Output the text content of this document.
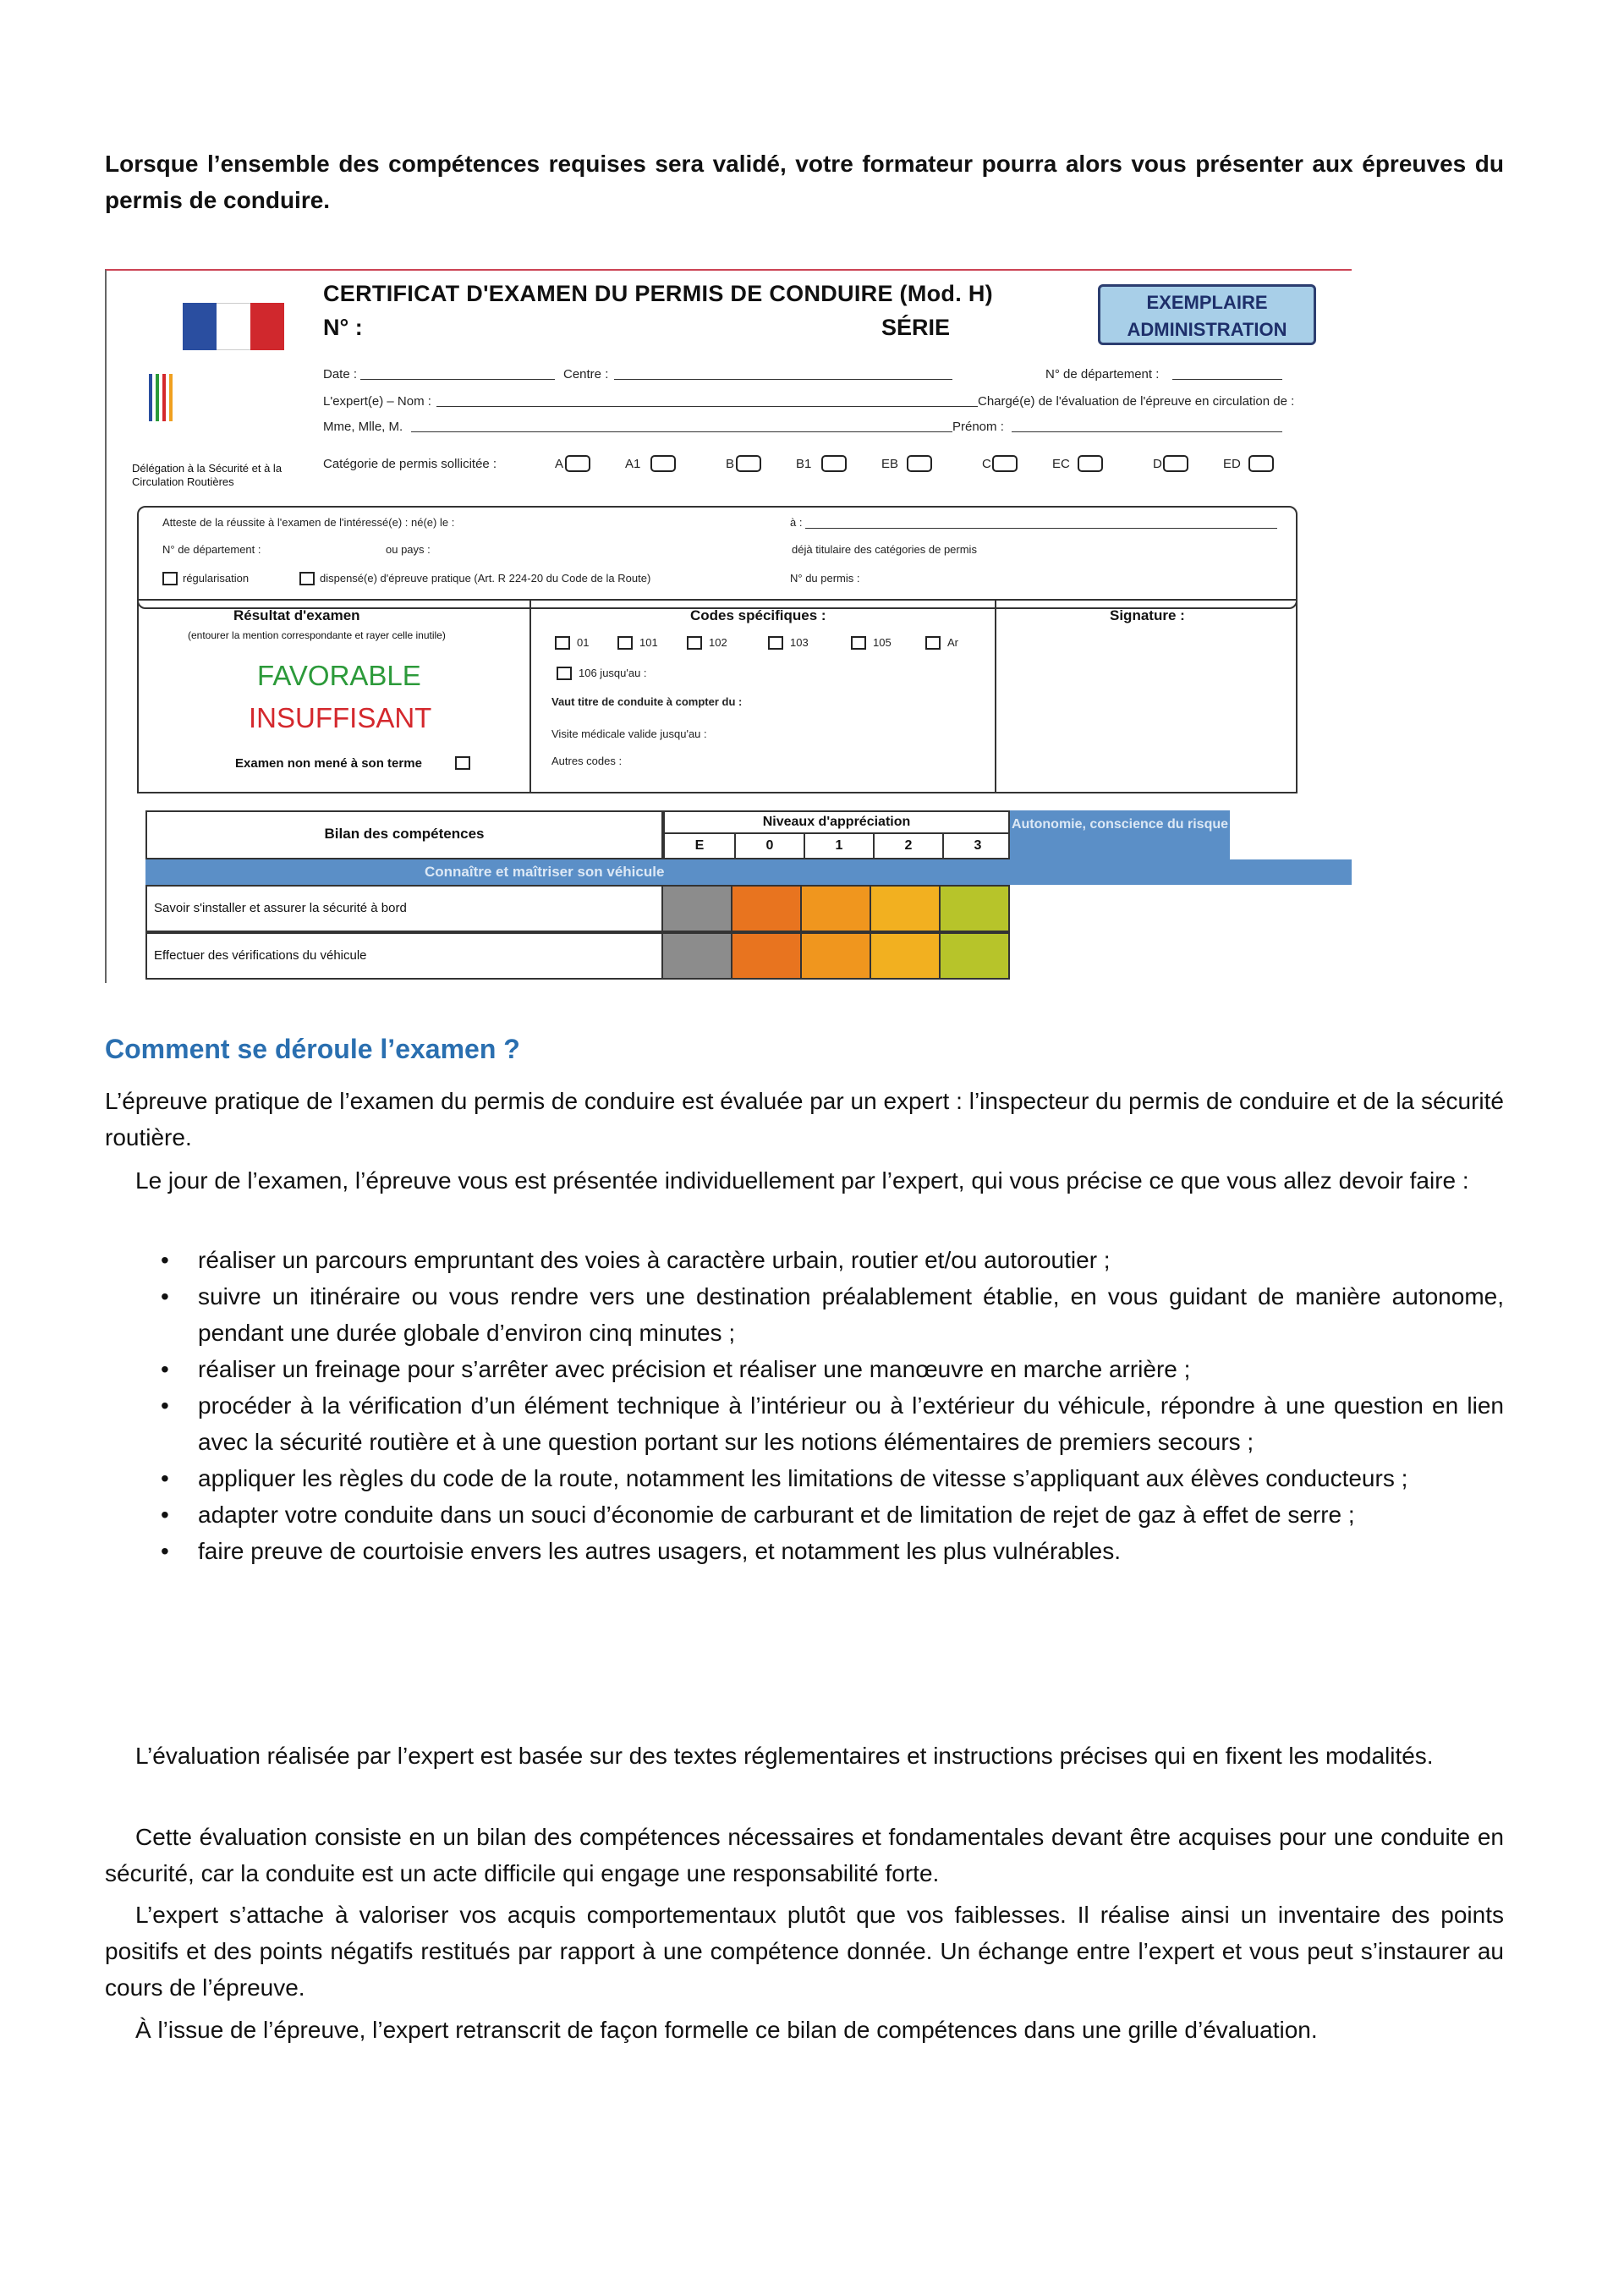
Lorsque l’ensemble des compétences requises sera validé, votre formateur pourra alors vous présenter aux épreuves du permis de conduire.
Délégation à la Sécurité et à la Circulation Routières
CERTIFICAT D'EXAMEN DU PERMIS DE CONDUIRE (Mod. H)
N° :	SÉRIE
EXEMPLAIRE
ADMINISTRATION
Date :	Centre :	N° de département :
L'expert(e) – Nom :	Chargé(e) de l'évaluation de l'épreuve en circulation de :
Mme, Mlle, M.	Prénom :
Catégorie de permis sollicitée :	A	A1	B	B1	EB	C	EC	D	ED
Atteste de la réussite à l'examen de l'intéressé(e) : né(e) le :	à :
N° de département :	ou pays :	déjà titulaire des catégories de permis
régularisation	dispensé(e) d'épreuve pratique (Art. R 224-20 du Code de la Route)	N° du permis :
Résultat d'examen
(entourer la mention correspondante et rayer celle inutile)
FAVORABLE
INSUFFISANT
Examen non mené à son terme
Codes spécifiques :
01	101	102	103	105	Ar
106 jusqu'au :
Vaut titre de conduite à compter du :
Visite médicale valide jusqu'au :
Autres codes :
Signature :
Bilan des compétences
Niveaux d'appréciation
E	0	1	2	3
Autonomie, conscience du risque
Connaître et maîtriser son véhicule
Savoir s'installer et assurer la sécurité à bord
Effectuer des vérifications du véhicule
Comment se déroule l’examen ?
L’épreuve pratique de l’examen du permis de conduire est évaluée par un expert : l’inspecteur du permis de conduire et de la sécurité routière.
Le jour de l’examen, l’épreuve vous est présentée individuellement par l’expert, qui vous précise ce que vous allez devoir faire :
• réaliser un parcours empruntant des voies à caractère urbain, routier et/ou autoroutier ;
• suivre un itinéraire ou vous rendre vers une destination préalablement établie, en vous guidant de manière autonome, pendant une durée globale d’environ cinq minutes ;
• réaliser un freinage pour s’arrêter avec précision et réaliser une manœuvre en marche arrière ;
• procéder à la vérification d’un élément technique à l’intérieur ou à l’extérieur du véhicule, répondre à une question en lien avec la sécurité routière et à une question portant sur les notions élémentaires de premiers secours ;
• appliquer les règles du code de la route, notamment les limitations de vitesse s’appliquant aux élèves conducteurs ;
• adapter votre conduite dans un souci d’économie de carburant et de limitation de rejet de gaz à effet de serre ;
• faire preuve de courtoisie envers les autres usagers, et notamment les plus vulnérables.
L’évaluation réalisée par l’expert est basée sur des textes réglementaires et instructions précises qui en fixent les modalités.
Cette évaluation consiste en un bilan des compétences nécessaires et fondamentales devant être acquises pour une conduite en sécurité, car la conduite est un acte difficile qui engage une responsabilité forte.
L’expert s’attache à valoriser vos acquis comportementaux plutôt que vos faiblesses. Il réalise ainsi un inventaire des points positifs et des points négatifs restitués par rapport à une compétence donnée. Un échange entre l’expert et vous peut s’instaurer au cours de l’épreuve.
À l’issue de l’épreuve, l’expert retranscrit de façon formelle ce bilan de compétences dans une grille d’évaluation.
